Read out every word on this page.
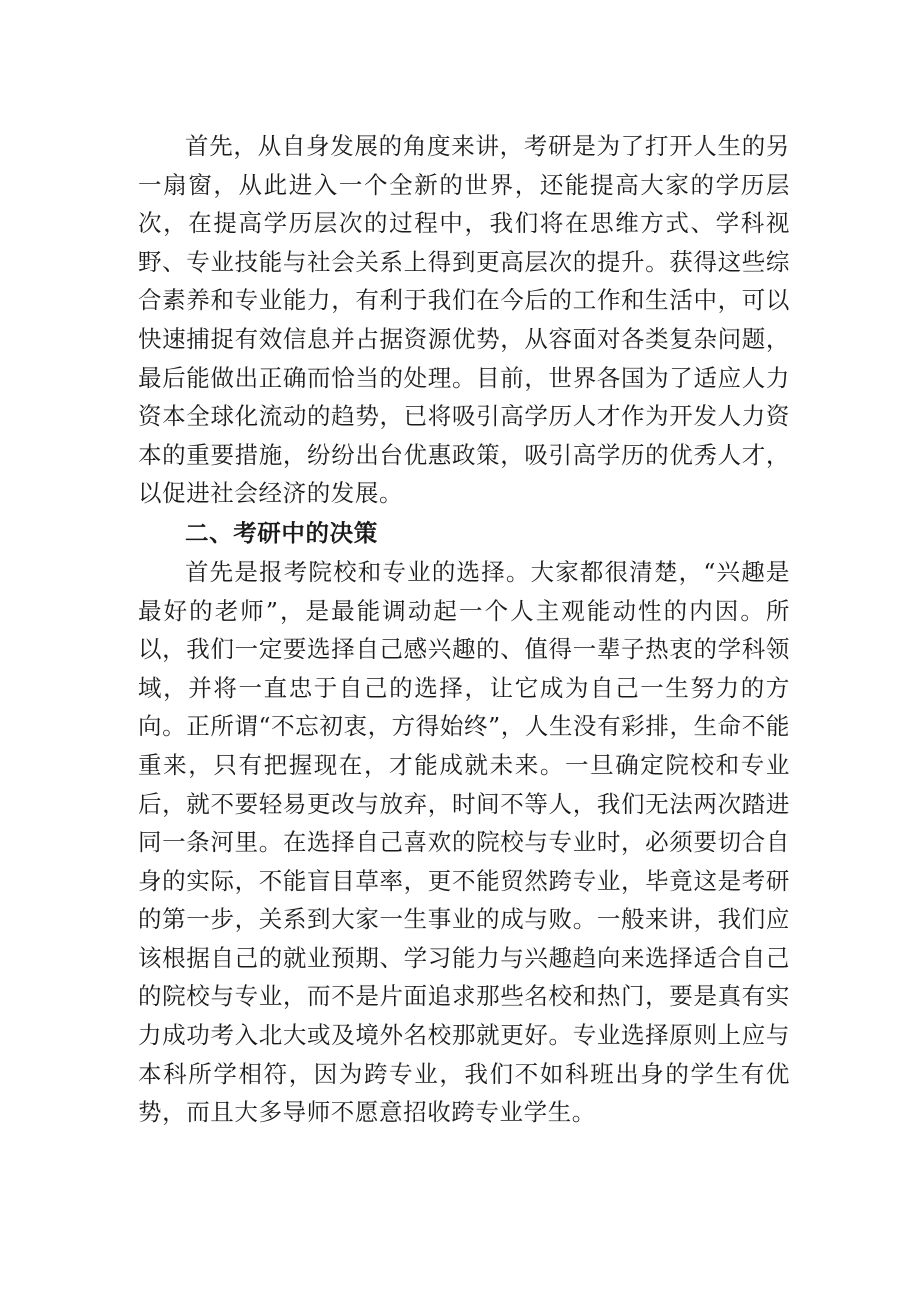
首先，从自身发展的角度来讲，考研是为了打开人生的另一扇窗，从此进入一个全新的世界，还能提高大家的学历层次，在提高学历层次的过程中，我们将在思维方式、学科视野、专业技能与社会关系上得到更高层次的提升。获得这些综合素养和专业能力，有利于我们在今后的工作和生活中，可以快速捕捉有效信息并占据资源优势，从容面对各类复杂问题，最后能做出正确而恰当的处理。目前，世界各国为了适应人力资本全球化流动的趋势，已将吸引高学历人才作为开发人力资本的重要措施，纷纷出台优惠政策，吸引高学历的优秀人才，以促进社会经济的发展。

二、考研中的决策

首先是报考院校和专业的选择。大家都很清楚，“兴趣是最好的老师”，是最能调动起一个人主观能动性的内因。所以，我们一定要选择自己感兴趣的、值得一辈子热衷的学科领域，并将一直忠于自己的选择，让它成为自己一生努力的方向。正所谓“不忘初衷，方得始终”，人生没有彩排，生命不能重来，只有把握现在，才能成就未来。一旦确定院校和专业后，就不要轻易更改与放弃，时间不等人，我们无法两次踏进同一条河里。在选择自己喜欢的院校与专业时，必须要切合自身的实际，不能盲目草率，更不能贸然跨专业，毕竟这是考研的第一步，关系到大家一生事业的成与败。一般来讲，我们应该根据自己的就业预期、学习能力与兴趣趋向来选择适合自己的院校与专业，而不是片面追求那些名校和热门，要是真有实力成功考入北大或及境外名校那就更好。专业选择原则上应与本科所学相符，因为跨专业，我们不如科班出身的学生有优势，而且大多导师不愿意招收跨专业学生。
